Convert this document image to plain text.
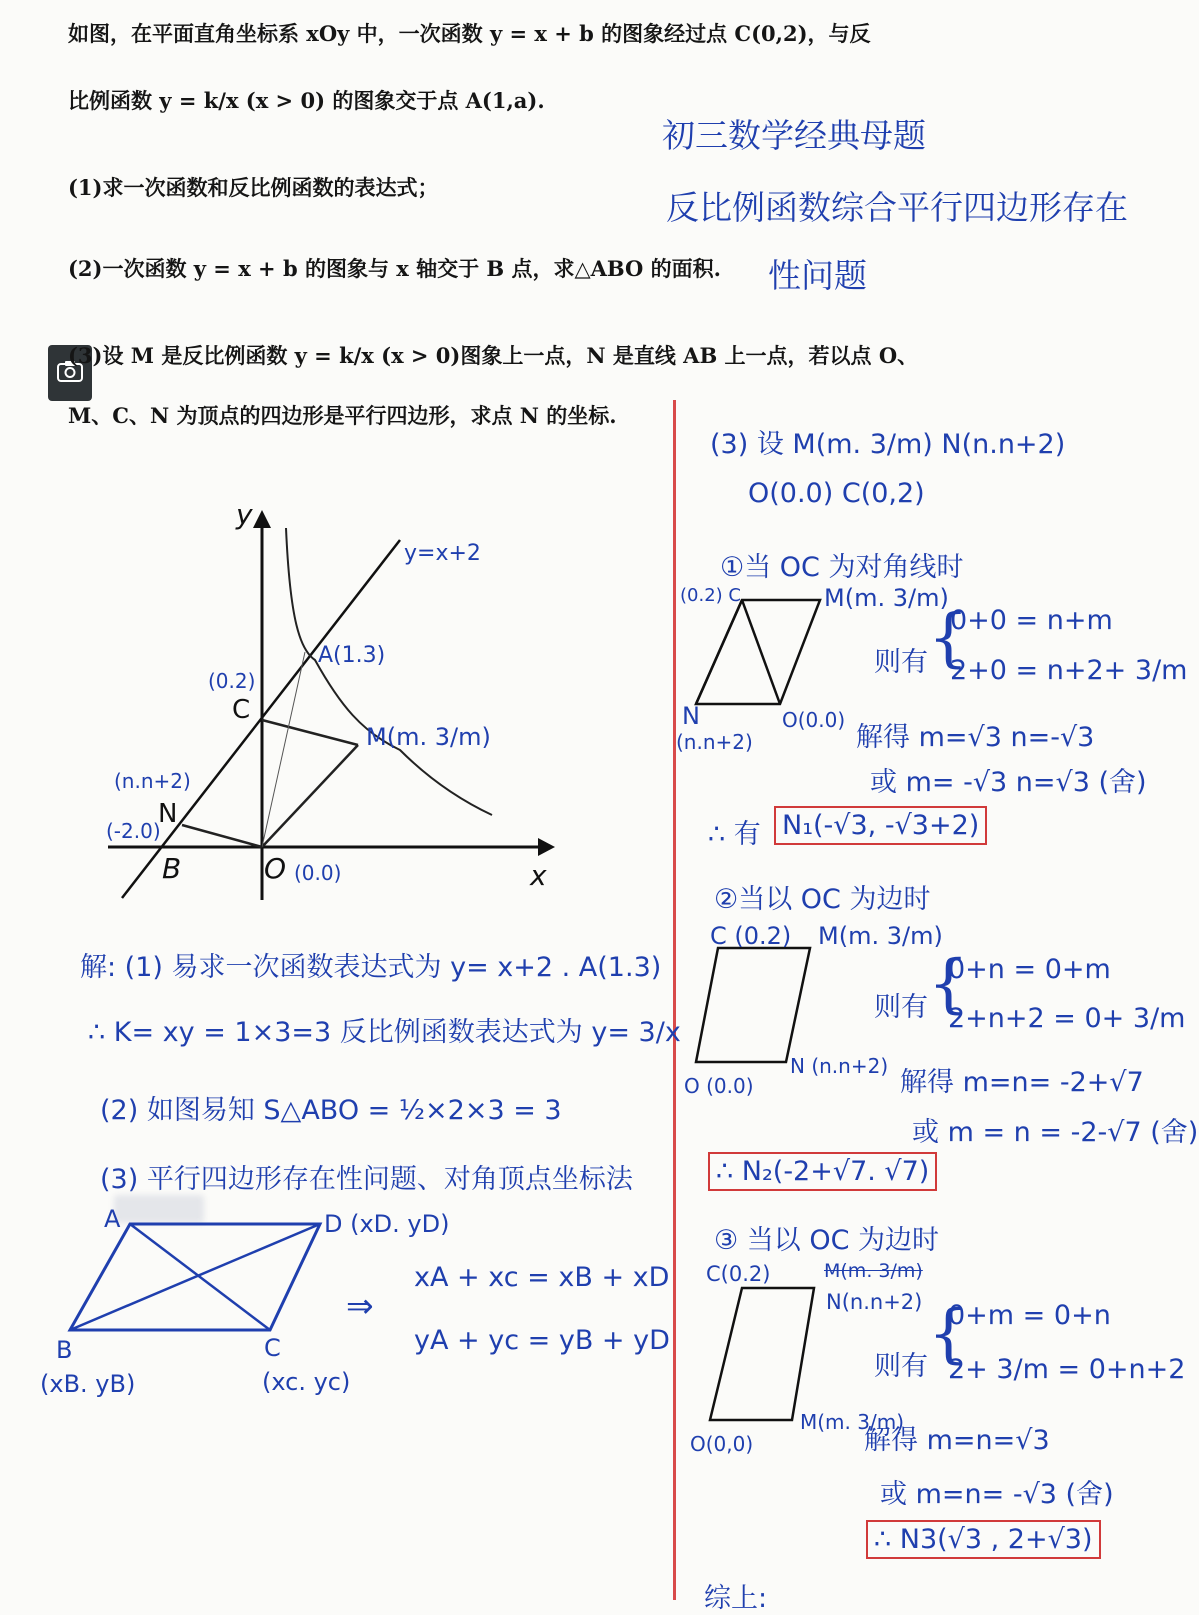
如图，在平面直角坐标系 xOy 中，一次函数 y = x + b 的图象经过点 C(0,2)，与反
比例函数 y = k/x (x > 0) 的图象交于点 A(1,a).
(1)求一次函数和反比例函数的表达式；
(2)一次函数 y = x + b 的图象与 x 轴交于 B 点，求△ABO 的面积.
(3)设 M 是反比例函数 y = k/x (x > 0)图象上一点，N 是直线 AB 上一点，若以点 O、
M、C、N 为顶点的四边形是平行四边形，求点 N 的坐标.
初三数学经典母题
反比例函数综合平行四边形存在
性问题
y
x
y=x+2
A(1.3)
(0.2)
C
M(m. 3/m)
(n.n+2)
N
(-2.0)
B	O (0.0)
解: (1) 易求一次函数表达式为 y= x+2 . A(1.3)
∴ K= xy = 1×3=3 反比例函数表达式为 y= 3/x
(2) 如图易知 S△ABO = ½×2×3 = 3
(3) 平行四边形存在性问题、对角顶点坐标法
A	D (xD. yD)
B
(xB. yB)
C
(xc. yc)
⇒
xA + xc = xB + xD
yA + yc = yB + yD
(3) 设 M(m. 3/m) N(n.n+2)
O(0.0) C(0,2)
①当 OC 为对角线时
(0.2) C	M(m. 3/m)
N
(n.n+2)
O(0.0)
则有 {
0+0 = n+m
2+0 = n+2+ 3/m
解得 m=√3 n=-√3
或 m= -√3 n=√3 (舍)
∴ 有 N₁(-√3, -√3+2)
②当以 OC 为边时
C (0.2) M(m. 3/m)
N (n.n+2)
O (0.0)
则有 {
0+n = 0+m
2+n+2 = 0+ 3/m
解得 m=n= -2+√7
或 m = n = -2-√7 (舍)
∴ N₂(-2+√7. √7)
③ 当以 OC 为边时
C(0.2)	M(m. 3/m)
N(n.n+2)
M(m. 3/m)
O(0,0)
则有 {
0+m = 0+n
2+ 3/m = 0+n+2
解得 m=n=√3
或 m=n= -√3 (舍)
∴ N3(√3 , 2+√3)
综上:
